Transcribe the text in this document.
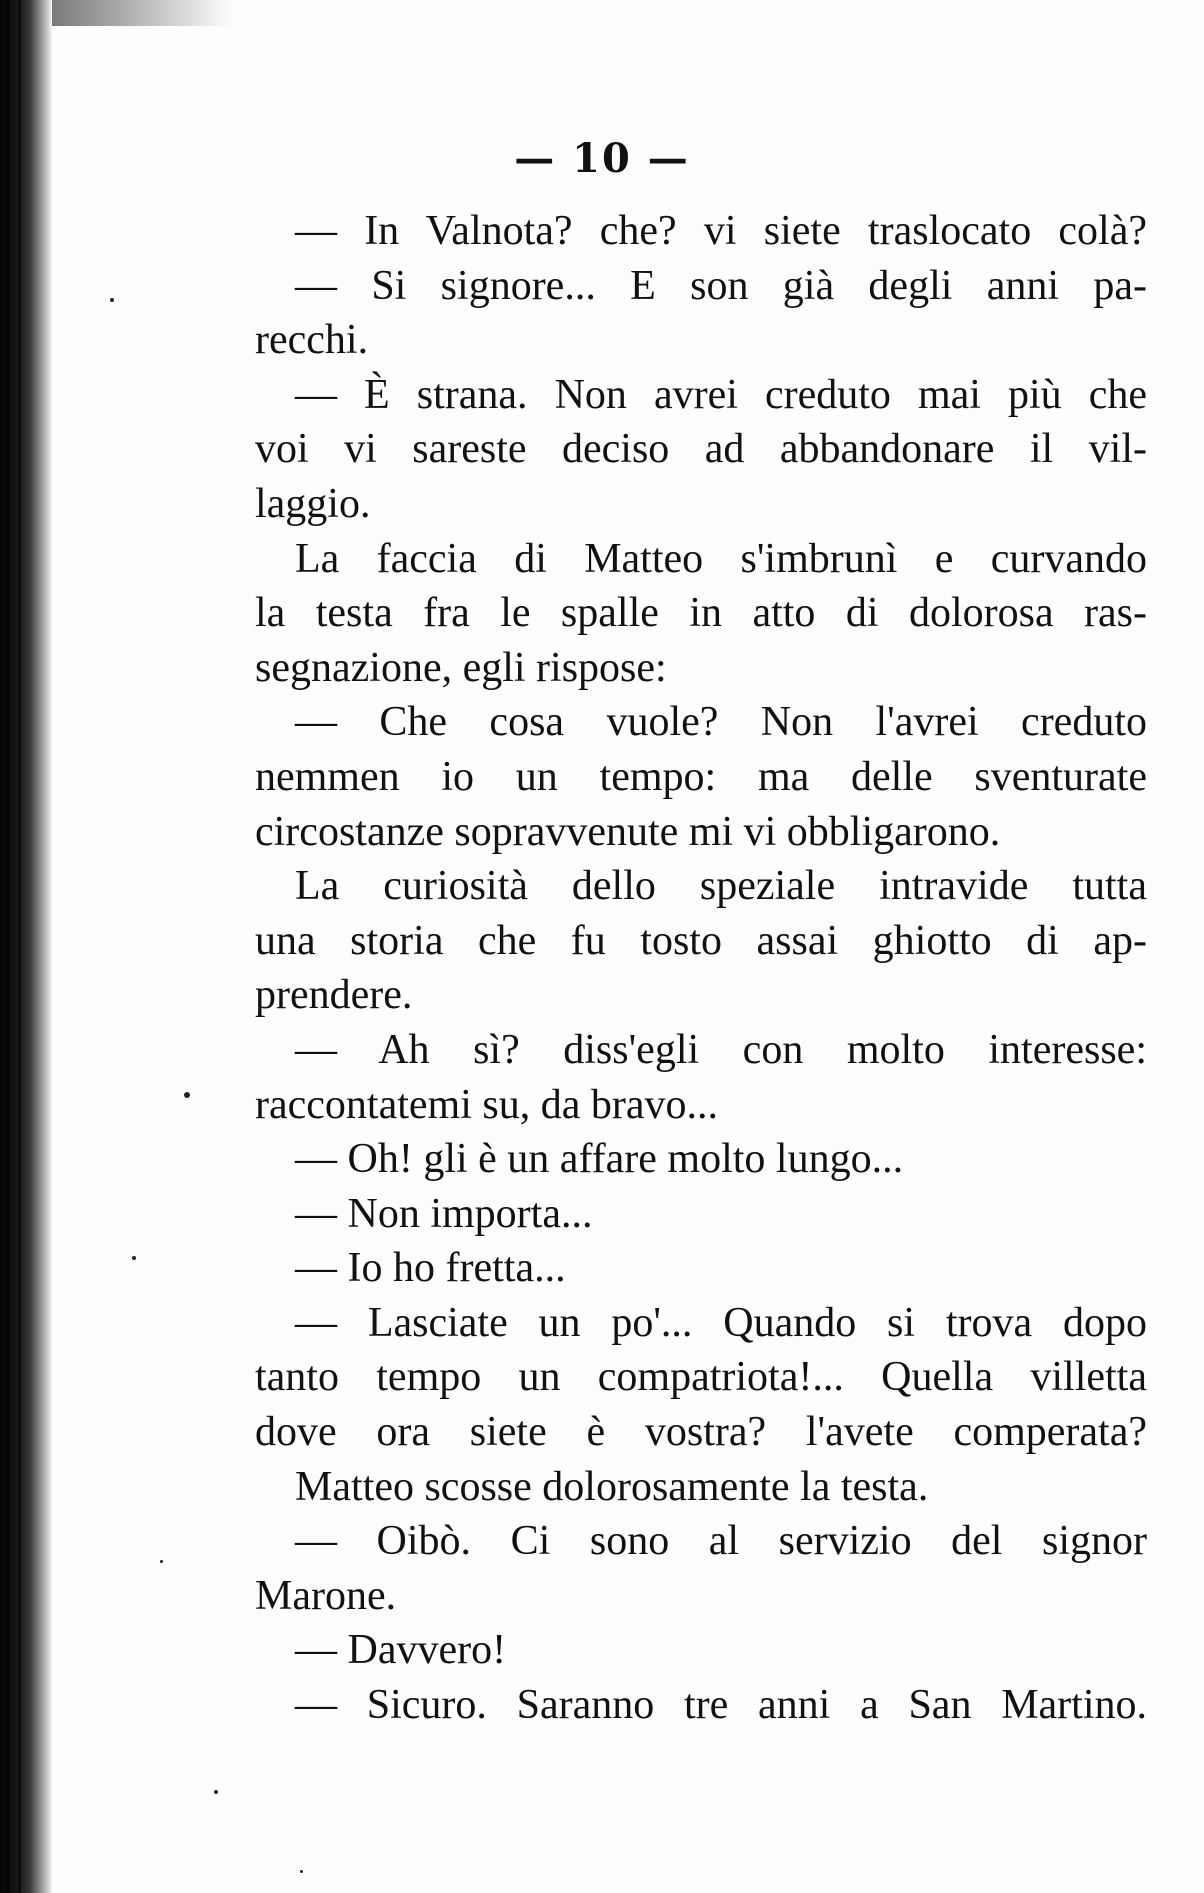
— 10 —
— In Valnota? che? vi siete traslocato colà?
— Si signore... E son già degli anni pa-
recchi.
— È strana. Non avrei creduto mai più che
voi vi sareste deciso ad abbandonare il vil-
laggio.
La faccia di Matteo s'imbrunì e curvando
la testa fra le spalle in atto di dolorosa ras-
segnazione, egli rispose:
— Che cosa vuole? Non l'avrei creduto
nemmen io un tempo: ma delle sventurate
circostanze sopravvenute mi vi obbligarono.
La curiosità dello speziale intravide tutta
una storia che fu tosto assai ghiotto di ap-
prendere.
— Ah sì? diss'egli con molto interesse:
raccontatemi su, da bravo...
— Oh! gli è un affare molto lungo...
— Non importa...
— Io ho fretta...
— Lasciate un po'... Quando si trova dopo
tanto tempo un compatriota!... Quella villetta
dove ora siete è vostra? l'avete comperata?
Matteo scosse dolorosamente la testa.
— Oibò. Ci sono al servizio del signor
Marone.
— Davvero!
— Sicuro. Saranno tre anni a San Martino.
